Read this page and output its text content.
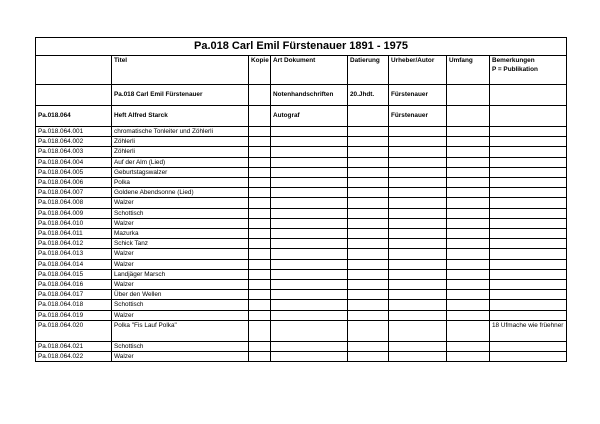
Pa.018 Carl Emil Fürstenauer 1891 - 1975							
	Titel	Kopie	Art Dokument	Datierung	Urheber/Autor	Umfang	Bemerkungen
P = Publikation

	Pa.018 Carl Emil Fürstenauer		Notenhandschriften	20.Jhdt.	Fürstenauer		
Pa.018.064	Heft Alfred Starck		Autograf		Fürstenauer		
Pa.018.064.001	chromatische Tonleiter und Zöhlerli						
Pa.018.064.002	Zöhlerli						
Pa.018.064.003	Zöhlerli						
Pa.018.064.004	Auf der Alm (Lied)						
Pa.018.064.005	Geburtstagswalzer						
Pa.018.064.006	Polka						
Pa.018.064.007	Goldene Abendsonne (Lied)						
Pa.018.064.008	Walzer						
Pa.018.064.009	Schottisch						
Pa.018.064.010	Walzer						
Pa.018.064.011	Mazurka						
Pa.018.064.012	Schick Tanz						
Pa.018.064.013	Walzer						
Pa.018.064.014	Walzer						
Pa.018.064.015	Landjäger Marsch						
Pa.018.064.016	Walzer						
Pa.018.064.017	Über den Wellen						
Pa.018.064.018	Schottisch						
Pa.018.064.019	Walzer						
Pa.018.064.020	Polka "Fis Lauf Polka"						18 Ufmache wie früehner
Pa.018.064.021	Schottisch						
Pa.018.064.022	Walzer						
